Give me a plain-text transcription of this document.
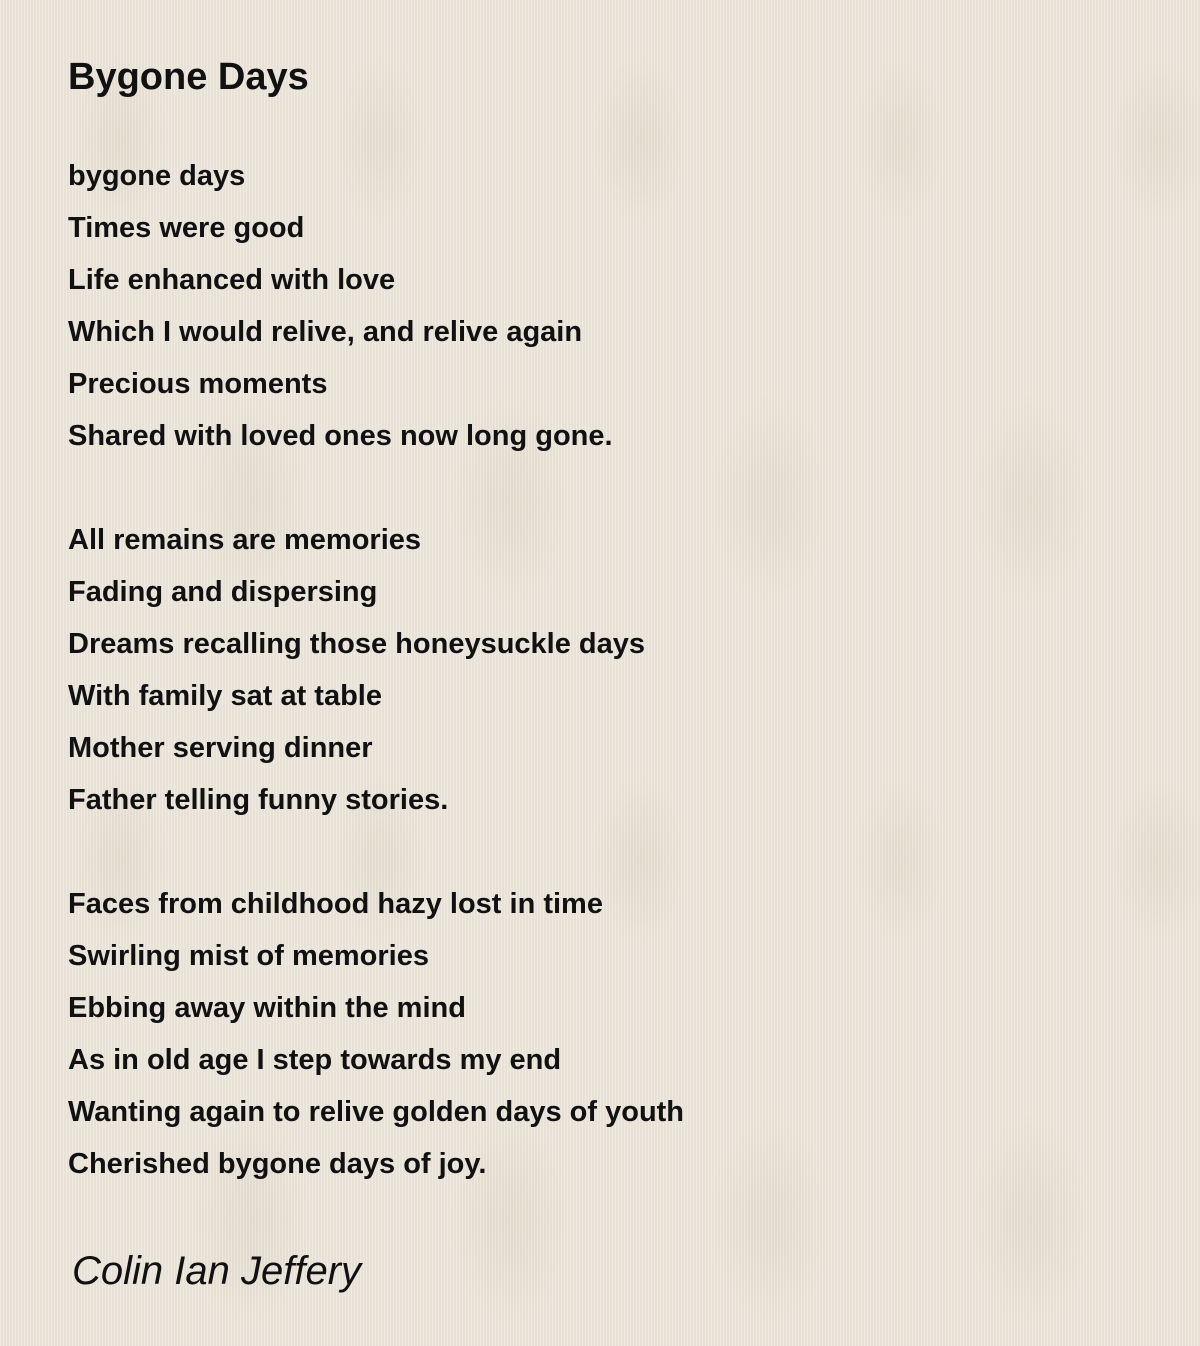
Bygone Days
bygone days
Times were good
Life enhanced with love
Which I would relive, and relive again
Precious moments
Shared with loved ones now long gone.
All remains are memories
Fading and dispersing
Dreams recalling those honeysuckle days
With family sat at table
Mother serving dinner
Father telling funny stories.
Faces from childhood hazy lost in time
Swirling mist of memories
Ebbing away within the mind
As in old age I step towards my end
Wanting again to relive golden days of youth
Cherished bygone days of joy.
Colin Ian Jeffery
